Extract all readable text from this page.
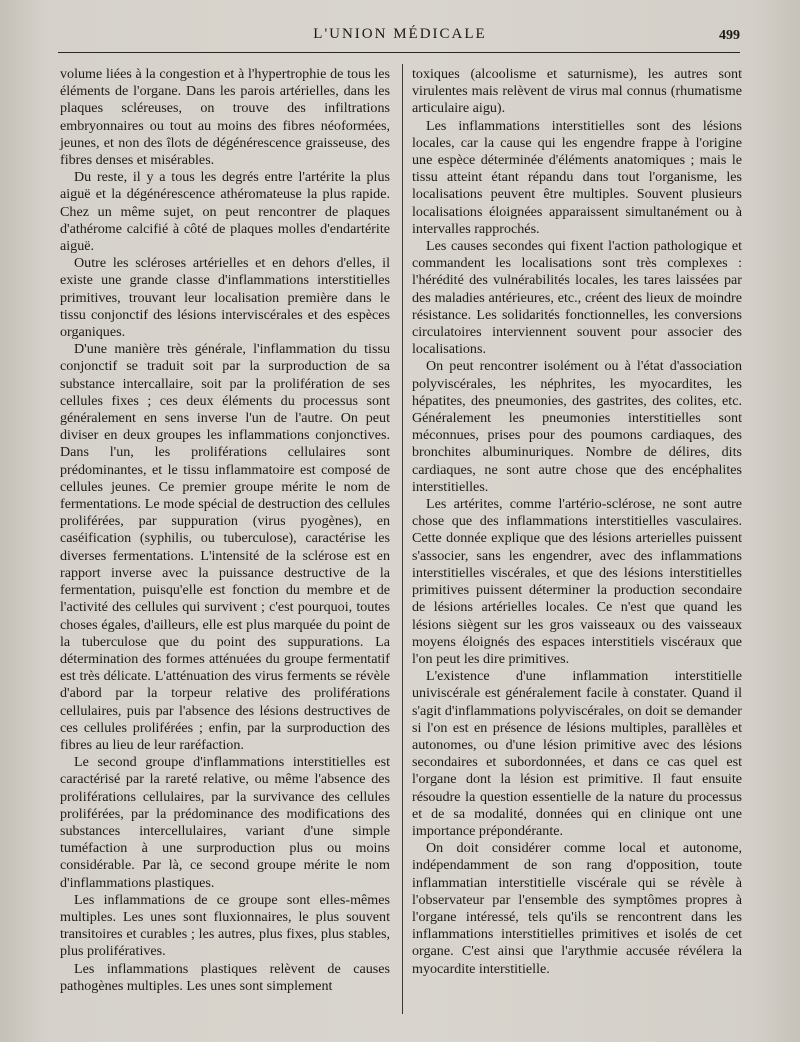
L'UNION MÉDICALE	499

volume liées à la congestion et à l'hypertrophie de tous les éléments de l'organe. Dans les parois artérielles, dans les plaques scléreuses, on trouve des infiltrations embryonnaires ou tout au moins des fibres néoformées, jeunes, et non des îlots de dégénérescence graisseuse, des fibres denses et misérables.

Du reste, il y a tous les degrés entre l'artérite la plus aiguë et la dégénérescence athéromateuse la plus rapide. Chez un même sujet, on peut rencontrer de plaques d'athérome calcifié à côté de plaques molles d'endartérite aiguë.

Outre les scléroses artérielles et en dehors d'elles, il existe une grande classe d'inflammations interstitielles primitives, trouvant leur localisation première dans le tissu conjonctif des lésions interviscérales et des espèces organiques.

D'une manière très générale, l'inflammation du tissu conjonctif se traduit soit par la surproduction de sa substance intercallaire, soit par la prolifération de ses cellules fixes ; ces deux éléments du processus sont généralement en sens inverse l'un de l'autre. On peut diviser en deux groupes les inflammations conjonctives. Dans l'un, les proliférations cellulaires sont prédominantes, et le tissu inflammatoire est composé de cellules jeunes. Ce premier groupe mérite le nom de fermentations. Le mode spécial de destruction des cellules proliférées, par suppuration (virus pyogènes), en caséification (syphilis, ou tuberculose), caractérise les diverses fermentations. L'intensité de la sclérose est en rapport inverse avec la puissance destructive de la fermentation, puisqu'elle est fonction du membre et de l'activité des cellules qui survivent ; c'est pourquoi, toutes choses égales, d'ailleurs, elle est plus marquée du point de la tuberculose que du point des suppurations. La détermination des formes atténuées du groupe fermentatif est très délicate. L'atténuation des virus ferments se révèle d'abord par la torpeur relative des proliférations cellulaires, puis par l'absence des lésions destructives de ces cellules proliférées ; enfin, par la surproduction des fibres au lieu de leur raréfaction.

Le second groupe d'inflammations interstitielles est caractérisé par la rareté relative, ou même l'absence des proliférations cellulaires, par la survivance des cellules proliférées, par la prédominance des modifications des substances intercellulaires, variant d'une simple tuméfaction à une surproduction plus ou moins considérable. Par là, ce second groupe mérite le nom d'inflammations plastiques.

Les inflammations de ce groupe sont elles-mêmes multiples. Les unes sont fluxionnaires, le plus souvent transitoires et curables ; les autres, plus fixes, plus stables, plus prolifératives.

Les inflammations plastiques relèvent de causes pathogènes multiples. Les unes sont simplement

toxiques (alcoolisme et saturnisme), les autres sont virulentes mais relèvent de virus mal connus (rhumatisme articulaire aigu).

Les inflammations interstitielles sont des lésions locales, car la cause qui les engendre frappe à l'origine une espèce déterminée d'éléments anatomiques ; mais le tissu atteint étant répandu dans tout l'organisme, les localisations peuvent être multiples. Souvent plusieurs localisations éloignées apparaissent simultanément ou à intervalles rapprochés.

Les causes secondes qui fixent l'action pathologique et commandent les localisations sont très complexes : l'hérédité des vulnérabilités locales, les tares laissées par des maladies antérieures, etc., créent des lieux de moindre résistance. Les solidarités fonctionnelles, les conversions circulatoires interviennent souvent pour associer des localisations.

On peut rencontrer isolément ou à l'état d'association polyviscérales, les néphrites, les myocardites, les hépatites, des pneumonies, des gastrites, des colites, etc. Généralement les pneumonies interstitielles sont méconnues, prises pour des poumons cardiaques, des bronchites albuminuriques. Nombre de délires, dits cardiaques, ne sont autre chose que des encéphalites interstitielles.

Les artérites, comme l'artério-sclérose, ne sont autre chose que des inflammations interstitielles vasculaires. Cette donnée explique que des lésions arterielles puissent s'associer, sans les engendrer, avec des inflammations interstitielles viscérales, et que des lésions interstitielles primitives puissent déterminer la production secondaire de lésions artérielles locales. Ce n'est que quand les lésions siègent sur les gros vaisseaux ou des vaisseaux moyens éloignés des espaces interstitiels viscéraux que l'on peut les dire primitives.

L'existence d'une inflammation interstitielle univiscérale est généralement facile à constater. Quand il s'agit d'inflammations polyviscérales, on doit se demander si l'on est en présence de lésions multiples, parallèles et autonomes, ou d'une lésion primitive avec des lésions secondaires et subordonnées, et dans ce cas quel est l'organe dont la lésion est primitive. Il faut ensuite résoudre la question essentielle de la nature du processus et de sa modalité, données qui en clinique ont une importance prépondérante.

On doit considérer comme local et autonome, indépendamment de son rang d'opposition, toute inflammatian interstitielle viscérale qui se révèle à l'observateur par l'ensemble des symptômes propres à l'organe intéressé, tels qu'ils se rencontrent dans les inflammations interstitielles primitives et isolés de cet organe. C'est ainsi que l'arythmie accusée révélera la myocardite interstitielle.
